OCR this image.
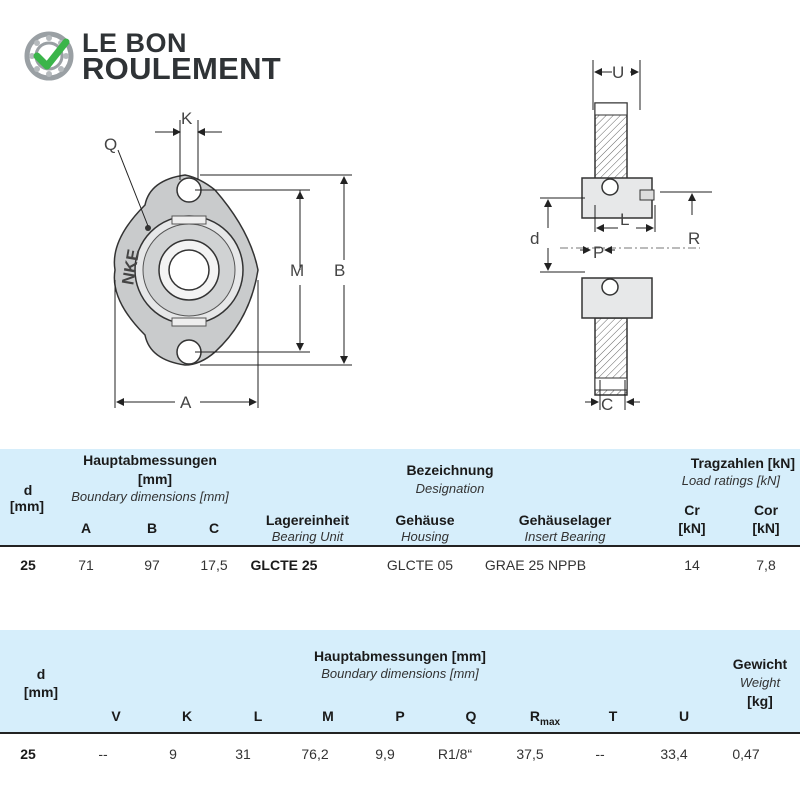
LE BON
ROULEMENT
NKE
K
Q
M B
A
U
L
d
P
R
C
d
[mm]
Hauptabmessungen
[mm]
Boundary dimensions [mm]
A	B	C
Bezeichnung
Designation
Lagereinheit
Bearing Unit
Gehäuse
Housing
Gehäuselager
Insert Bearing
Tragzahlen [kN]
Load ratings [kN]
Cr
[kN]
Cor
[kN]
25	71	97	17,5	GLCTE 25	GLCTE 05	GRAE 25 NPPB	14	7,8
d
[mm]
Hauptabmessungen [mm]
Boundary dimensions [mm]
Gewicht
Weight
[kg]
V	K	L	M	P	Q	$R_{max}$	T	U
25	--	9	31	76,2	9,9	R1/8“	37,5	--	33,4	0,47
